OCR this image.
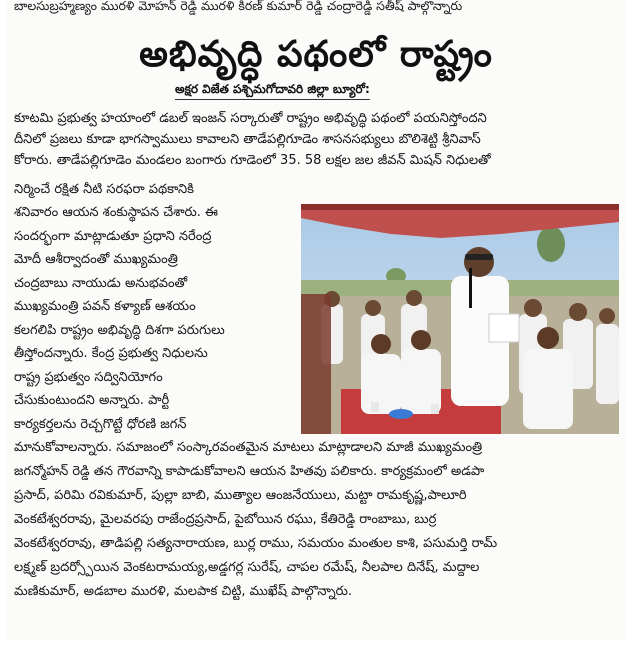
బాలసుబ్రహ్మణ్యం మురళి మోహన్ రెడ్డి మురళి కిరణ్ కుమార్ రెడ్డి చంద్రారెడ్డి సతీష్ పాల్గొన్నారు
అభివృద్ధి పథంలో రాష్ట్రం
అక్షర విజేత పశ్చిమగోదావరి జిల్లా బ్యూరో:
కూటమి ప్రభుత్వ హయాంలో డబల్ ఇంజన్ సర్కారుతో రాష్ట్రం అభివృద్ధి పథంలో పయనిస్తోందని
దీనిలో ప్రజలు కూడా భాగస్వాములు కావాలని తాడేపల్లిగూడెం శాసనసభ్యులు బొలిశెట్టి శ్రీనివాస్
కోరారు. తాడేపల్లిగూడెం మండలం బంగారు గూడెంలో 35. 58 లక్షల జల జీవన్ మిషన్ నిధులతో
నిర్మించే రక్షిత నీటి సరఫరా పథకానికి
శనివారం ఆయన శంకుస్థాపన చేశారు. ఈ
సందర్భంగా మాట్లాడుతూ ప్రధాని నరేంద్ర
మోదీ ఆశీర్వాదంతో ముఖ్యమంత్రి
చంద్రబాబు నాయుడు అనుభవంతో
ముఖ్యమంత్రి పవన్ కళ్యాణ్ ఆశయం
కలగలిపి రాష్ట్రం అభివృద్ధి దిశగా పరుగులు
తీస్తోందన్నారు. కేంద్ర ప్రభుత్వ నిధులను
రాష్ట్ర ప్రభుత్వం సద్వినియోగం
చేసుకుంటుందని అన్నారు. పార్టీ
కార్యకర్తలను రెచ్చగొట్టే ధోరణి జగన్
మానుకోవాలన్నారు. సమాజంలో సంస్కారవంతమైన మాటలు మాట్లాడాలని మాజీ ముఖ్యమంత్రి
జగన్మోహన్ రెడ్డి తన గౌరవాన్ని కాపాడుకోవాలని ఆయన హితవు పలికారు. కార్యక్రమంలో అడపా
ప్రసాద్, పరిమి రవికుమార్, పుల్లా బాబి, ముత్యాల ఆంజనేయులు, మట్టా రామకృష్ణ,పాలూరి
వెంకటేశ్వరరావు, మైలవరపు రాజేంద్రప్రసాద్, పైబోయిన రఘు, కేతిరెడ్డి రాంబాబు, బుర్ర
వెంకటేశ్వరరావు, తాడిపల్లి సత్యనారాయణ, బుర్ల రాము, సమయం మంతుల కాశి, పసుమర్తి రామ్
లక్ష్మణ్ బ్రదర్స్పోయిన వెంకటరామయ్య,అడ్డగర్ల సురేష్, చాపల రమేష్, నీలపాల దినేష్, మద్దాల
మణికుమార్, అడబాల మురళి, మలపాక చిట్టి, ముఖేష్ పాల్గొన్నారు.
